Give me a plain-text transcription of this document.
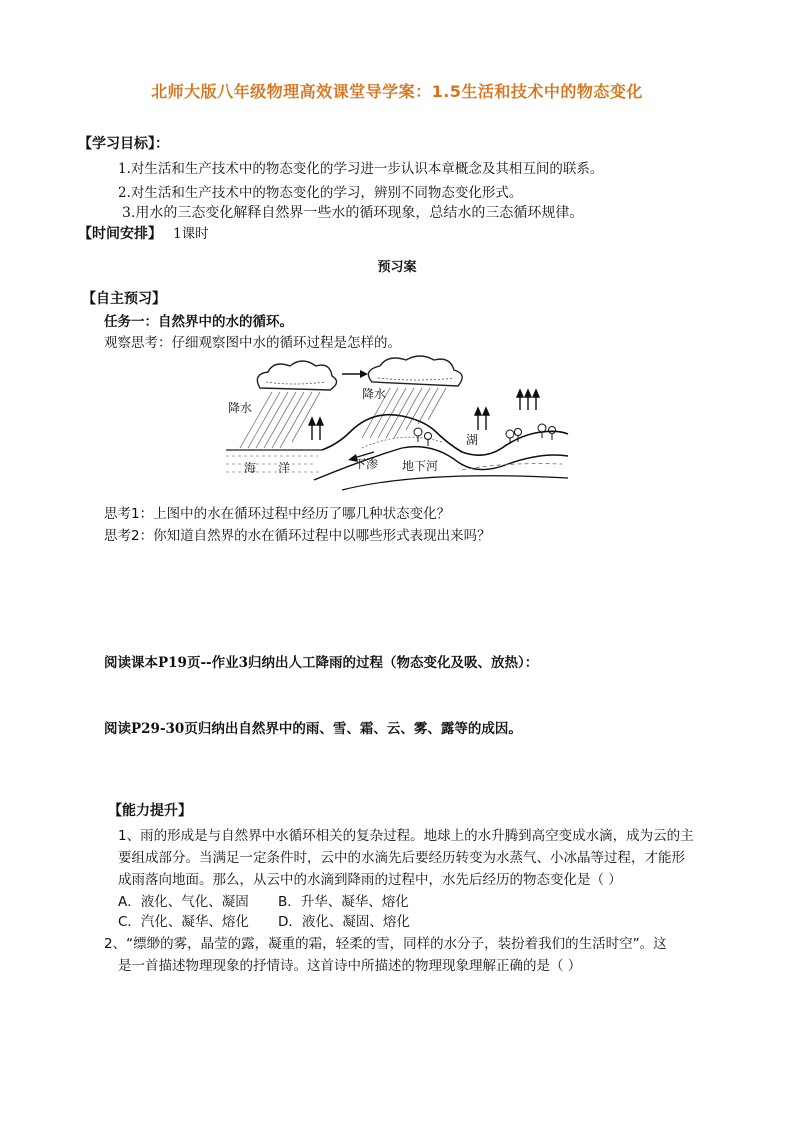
北师大版八年级物理高效课堂导学案：1.5生活和技术中的物态变化
【学习目标】：
1.对生活和生产技术中的物态变化的学习进一步认识本章概念及其相互间的联系。
2.对生活和生产技术中的物态变化的学习，辨别不同物态变化形式。
3.用水的三态变化解释自然界一些水的循环现象，总结水的三态循环规律。
【时间安排】 1课时
预习案
【自主预习】
任务一：自然界中的水的循环。
观察思考：仔细观察图中水的循环过程是怎样的。
降水
降水
海 洋	下渗 地下河
湖
思考1：上图中的水在循环过程中经历了哪几种状态变化？
思考2：你知道自然界的水在循环过程中以哪些形式表现出来吗？
阅读课本P19页--作业3归纳出人工降雨的过程（物态变化及吸、放热）：
阅读P29-30页归纳出自然界中的雨、雪、霜、云、雾、露等的成因。
【能力提升】
1、雨的形成是与自然界中水循环相关的复杂过程。地球上的水升腾到高空变成水滴，成为云的主
要组成部分。当满足一定条件时，云中的水滴先后要经历转变为水蒸气、小冰晶等过程，才能形
成雨落向地面。那么，从云中的水滴到降雨的过程中，水先后经历的物态变化是（ ）
A．液化、气化、凝固 B．升华、凝华、熔化
C．汽化、凝华、熔化 D．液化、凝固、熔化
2、“缥缈的雾，晶莹的露，凝重的霜，轻柔的雪，同样的水分子，装扮着我们的生活时空”。这
是一首描述物理现象的抒情诗。这首诗中所描述的物理现象理解正确的是（ ）
